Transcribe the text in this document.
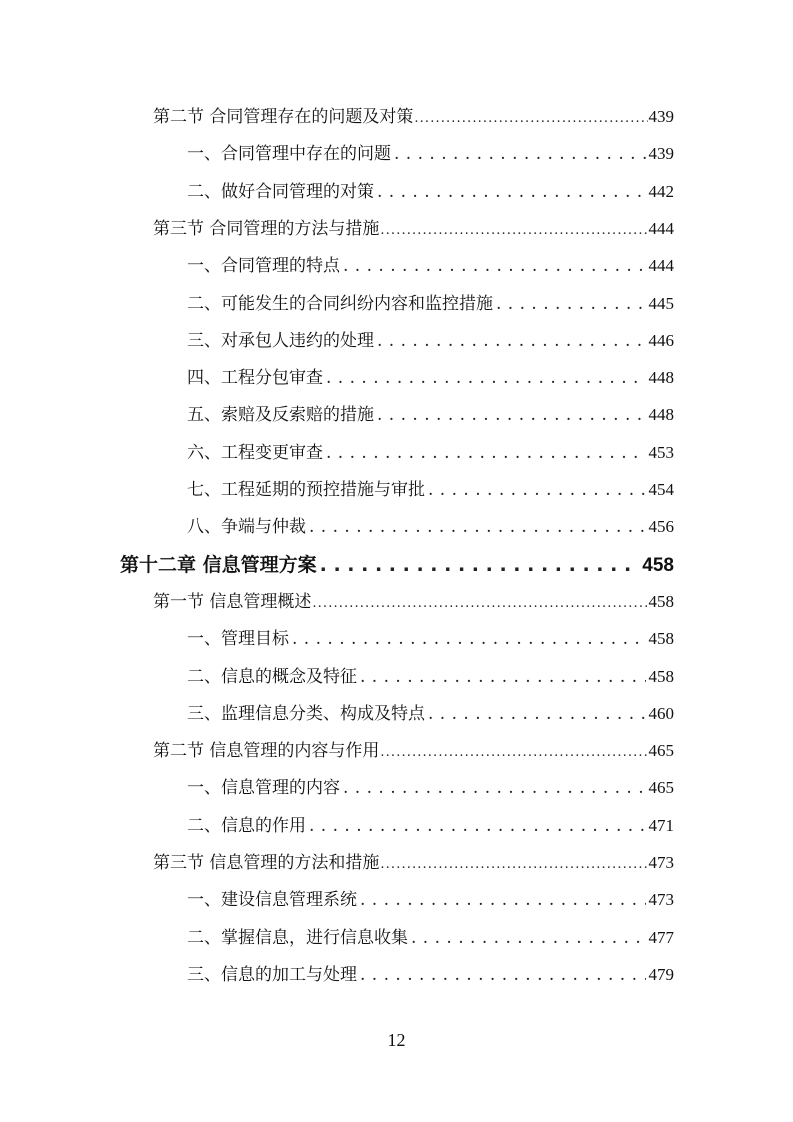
第二节 合同管理存在的问题及对策 . . .	439
一、合同管理中存在的问题 . . .	439
二、做好合同管理的对策 . . .	442
第三节 合同管理的方法与措施 . . .	444
一、合同管理的特点 . . .	444
二、可能发生的合同纠纷内容和监控措施 . . .	445
三、对承包人违约的处理 . . .	446
四、工程分包审查 . . .	448
五、索赔及反索赔的措施 . . .	448
六、工程变更审查 . . .	453
七、工程延期的预控措施与审批 . . .	454
八、争端与仲裁 . . .	456
第十二章 信息管理方案 . . .	458
第一节 信息管理概述 . . .	458
一、管理目标 . . .	458
二、信息的概念及特征 . . .	458
三、监理信息分类、构成及特点 . . .	460
第二节 信息管理的内容与作用 . . .	465
一、信息管理的内容 . . .	465
二、信息的作用 . . .	471
第三节 信息管理的方法和措施 . . .	473
一、建设信息管理系统 . . .	473
二、掌握信息，进行信息收集 . . .	477
三、信息的加工与处理 . . .	479
12
